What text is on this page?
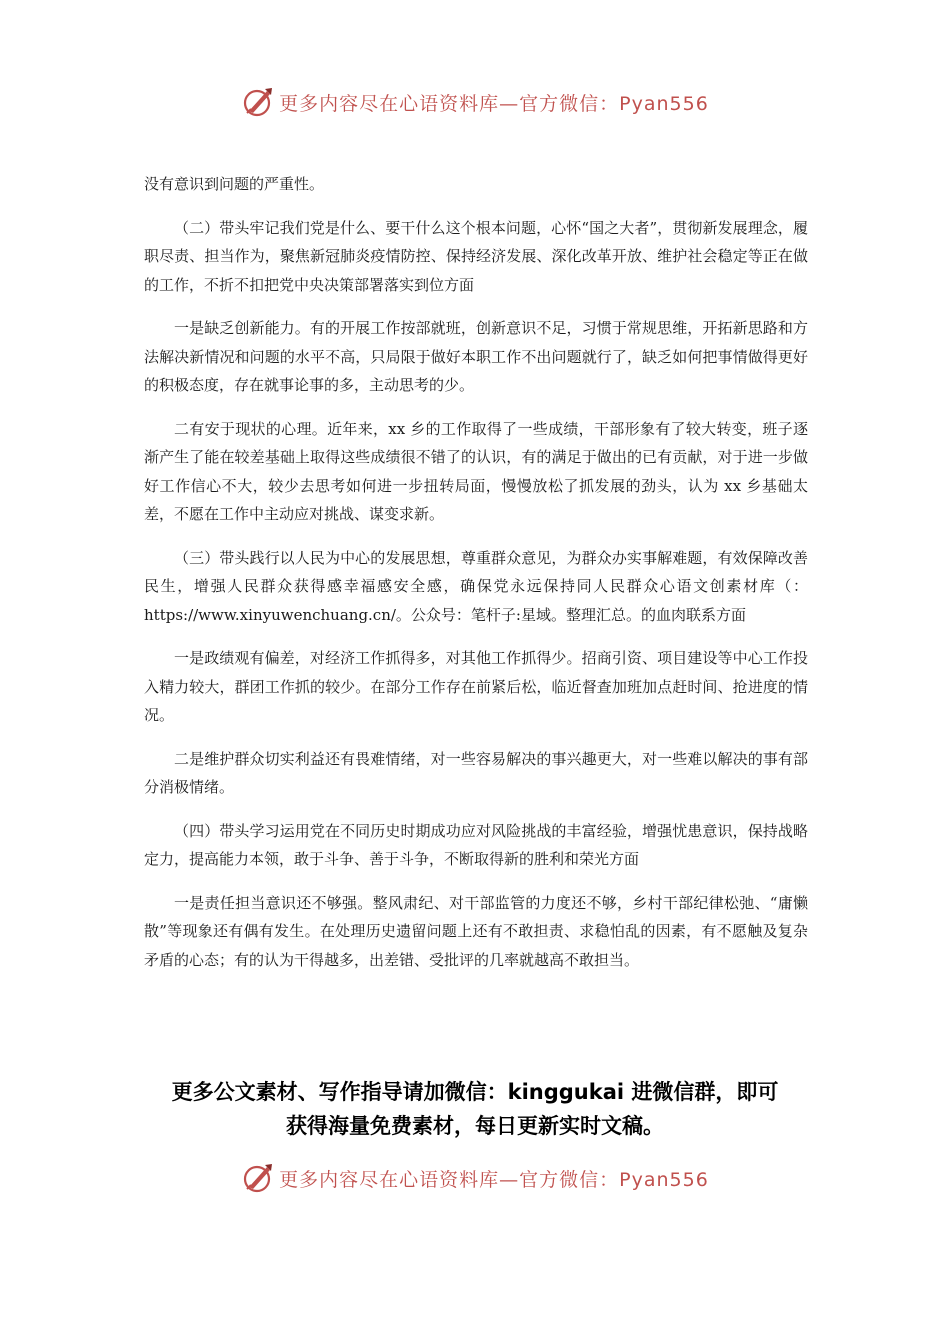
更多内容尽在心语资料库—官方微信：Pyan556

没有意识到问题的严重性。

（二）带头牢记我们党是什么、要干什么这个根本问题，心怀“国之大者”，贯彻新发展理念，履职尽责、担当作为，聚焦新冠肺炎疫情防控、保持经济发展、深化改革开放、维护社会稳定等正在做的工作，不折不扣把党中央决策部署落实到位方面

一是缺乏创新能力。有的开展工作按部就班，创新意识不足，习惯于常规思维，开拓新思路和方法解决新情况和问题的水平不高，只局限于做好本职工作不出问题就行了，缺乏如何把事情做得更好的积极态度，存在就事论事的多，主动思考的少。

二有安于现状的心理。近年来，xx 乡的工作取得了一些成绩，干部形象有了较大转变，班子逐渐产生了能在较差基础上取得这些成绩很不错了的认识，有的满足于做出的已有贡献，对于进一步做好工作信心不大，较少去思考如何进一步扭转局面，慢慢放松了抓发展的劲头，认为 xx 乡基础太差，不愿在工作中主动应对挑战、谋变求新。

（三）带头践行以人民为中心的发展思想，尊重群众意见，为群众办实事解难题，有效保障改善民生，增强人民群众获得感幸福感安全感，确保党永远保持同人民群众心语文创素材库（：https://www.xinyuwenchuang.cn/。公众号：笔杆子:星域。整理汇总。的血肉联系方面

一是政绩观有偏差，对经济工作抓得多，对其他工作抓得少。招商引资、项目建设等中心工作投入精力较大，群团工作抓的较少。在部分工作存在前紧后松，临近督查加班加点赶时间、抢进度的情况。

二是维护群众切实利益还有畏难情绪，对一些容易解决的事兴趣更大，对一些难以解决的事有部分消极情绪。

（四）带头学习运用党在不同历史时期成功应对风险挑战的丰富经验，增强忧患意识，保持战略定力，提高能力本领，敢于斗争、善于斗争，不断取得新的胜利和荣光方面

一是责任担当意识还不够强。整风肃纪、对干部监管的力度还不够，乡村干部纪律松弛、“庸懒散”等现象还有偶有发生。在处理历史遗留问题上还有不敢担责、求稳怕乱的因素，有不愿触及复杂矛盾的心态；有的认为干得越多，出差错、受批评的几率就越高不敢担当。

更多公文素材、写作指导请加微信：kinggukai 进微信群，即可
获得海量免费素材，每日更新实时文稿。
更多内容尽在心语资料库—官方微信：Pyan556
